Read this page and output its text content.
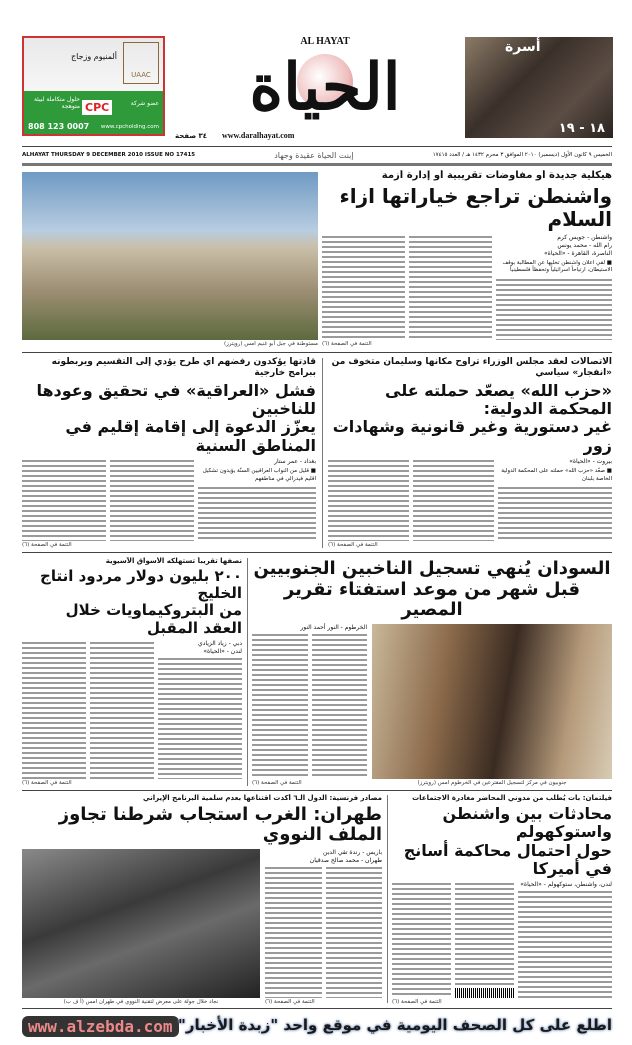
UAAC
ألمنيوم وزجاج
عضو شركة
CPC
حلول متكاملة لبيئة متوهجة
808 123 0007 www.cpcholding.com
AL HAYAT
الحياة
٣٤ صفحة www.daralhayat.com
أسرة
١٨ - ١٩
ALHAYAT THURSDAY 9 DECEMBER 2010 ISSUE NO 17415	إبنت الحياة عقيدة وجهاد	الخميس ٩ كانون الأول (ديسمبر) ٢٠١٠ الموافق ٣ محرم ١٤٣٢ هـ / العدد ١٧٤١٥
مستوطنة في جبل أبو غنيم امس (رويترز)
هيكلية جديدة أو مفاوضات تقريبية أو إدارة أزمة
واشنطن تراجع خياراتها ازاء السلام
واشنطن - جويس كرم
رام الله - محمد يونس
الناصرة، القاهرة - «الحياة»
■ لقي اعلان واشنطن تخليها عن المطالبة بوقف الاستيطان، ارتياحاً اسرائيلياً وتحفظاً فلسطينياً
التتمة في الصفحة (٦)
الاتصالات لعقد مجلس الوزراء تراوح مكانها وسليمان متخوف من «انفجار» سياسي
«حزب الله» يصعّد حملته على المحكمة الدولية:
غير دستورية وغير قانونية وشهادات زور
بيروت - «الحياة»
■ صعّد «حزب الله» حملته على المحكمة الدولية الخاصة بلبنان
التتمة في الصفحة (٦)
قادتها يؤكدون رفضهم أي طرح يؤدي إلى التقسيم ويربطونه ببرامج خارجية
فشل «العراقية» في تحقيق وعودها للناخبين
يعزّز الدعوة إلى إقامة إقليم في المناطق السنية
بغداد - عمر ستار
■ قليل من النواب العراقيين السنّة يؤيدون تشكيل اقليم فيدرالي في مناطقهم
التتمة في الصفحة (٦)
السودان يُنهي تسجيل الناخبين الجنوبيين
قبل شهر من موعد استفتاء تقرير المصير
الخرطوم - النور أحمد النور
التتمة في الصفحة (٦)	جنوبيون في مركز لتسجيل المقترعين في الخرطوم امس (رويترز)
نصفها تقريباً تستهلكه الأسواق الآسيوية
٢٠٠ بليون دولار مردود انتاج الخليج
من البتروكيماويات خلال العقد المقبل
دبي - زياد الزيادي
لندن - «الحياة»
التتمة في الصفحة (٦)
فيلتمان: بات يُطلب من مدوني المحاضر مغادرة الاجتماعات
محادثات بين واشنطن واستوكهولم
حول احتمال محاكمة أسانج في أميركا
لندن، واشنطن، ستوكهولم - «الحياة»
التتمة في الصفحة (٦)
مصادر فرنسية: الدول الـ٦ أكدت اقتناعها بعدم سلمية البرنامج الإيراني
طهران: الغرب استجاب شرطنا تجاوز الملف النووي
نجاد خلال جولة على معرض لتقنية النووي في طهران امس (أ ف ب)
باريس - رندة تقي الدين
طهران - محمد صالح صدقيان
التتمة في الصفحة (٦)
www.alzebda.com اطلع على كل الصحف اليومية في موقع واحد "زبدة الأخبار"
